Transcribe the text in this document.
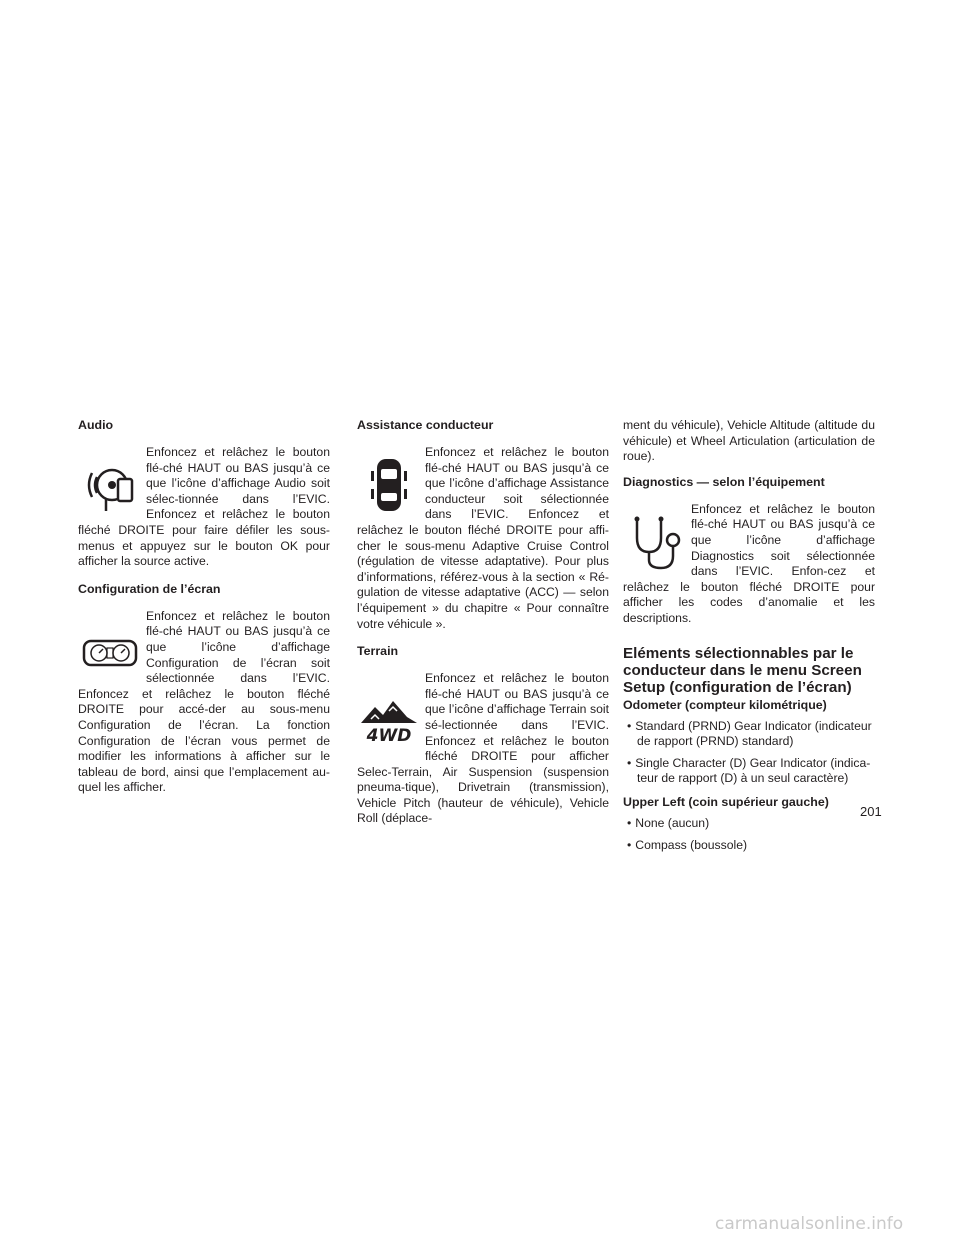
Audio

Enfoncez et relâchez le bouton flé-ché HAUT ou BAS jusqu’à ce que l’icône d’affichage Audio soit sélec-tionnée dans l’EVIC. Enfoncez et relâchez le bouton fléché DROITE pour faire défiler les sous-menus et appuyez sur le bouton OK pour afficher la source active.

Configuration de l’écran

Enfoncez et relâchez le bouton flé-ché HAUT ou BAS jusqu’à ce que l’icône d’affichage Configuration de l’écran soit sélectionnée dans l’EVIC. Enfoncez et relâchez le bouton fléché DROITE pour accé-der au sous-menu Configuration de l’écran. La fonction Configuration de l’écran vous permet de modifier les informations à afficher sur le tableau de bord, ainsi que l’emplacement au-quel les afficher.

Assistance conducteur

Enfoncez et relâchez le bouton flé-ché HAUT ou BAS jusqu’à ce que l’icône d’affichage Assistance conducteur soit sélectionnée dans l’EVIC. Enfoncez et relâchez le bouton fléché DROITE pour affi-cher le sous-menu Adaptive Cruise Control (régulation de vitesse adaptative). Pour plus d’informations, référez-vous à la section « Ré-gulation de vitesse adaptative (ACC) — selon l’équipement » du chapitre « Pour connaître votre véhicule ».

Terrain
4WD

Enfoncez et relâchez le bouton flé-ché HAUT ou BAS jusqu’à ce que l’icône d’affichage Terrain soit sé-lectionnée dans l’EVIC. Enfoncez et relâchez le bouton fléché DROITE pour afficher Selec-Terrain, Air Suspension (suspension pneuma-tique), Drivetrain (transmission), Vehicle Pitch (hauteur de véhicule), Vehicle Roll (déplace-

ment du véhicule), Vehicle Altitude (altitude du véhicule) et Wheel Articulation (articulation de roue).

Diagnostics — selon l’équipement

Enfoncez et relâchez le bouton flé-ché HAUT ou BAS jusqu’à ce que l’icône d’affichage Diagnostics soit sélectionnée dans l’EVIC. Enfon-cez et relâchez le bouton fléché DROITE pour afficher les codes d’anomalie et les descriptions.

Eléments sélectionnables par le conducteur dans le menu Screen Setup (configuration de l’écran)
Odometer (compteur kilométrique)
• Standard (PRND) Gear Indicator (indicateur de rapport (PRND) standard)
• Single Character (D) Gear Indicator (indica-teur de rapport (D) à un seul caractère)
Upper Left (coin supérieur gauche)
• None (aucun)
• Compass (boussole)
201
carmanualsonline.info
